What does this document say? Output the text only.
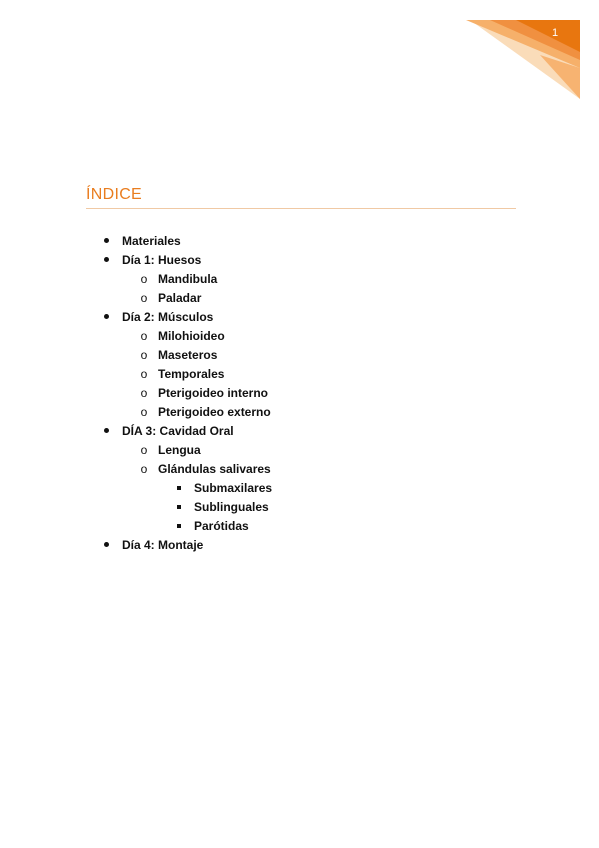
1
ÍNDICE
Materiales
Día 1: Huesos
o Mandibula
o Paladar
Día 2: Músculos
o Milohioideo
o Maseteros
o Temporales
o Pterigoideo interno
o Pterigoideo externo
DÍA 3: Cavidad Oral
o Lengua
o Glándulas salivares
Submaxilares
Sublinguales
Parótidas
Día 4: Montaje
